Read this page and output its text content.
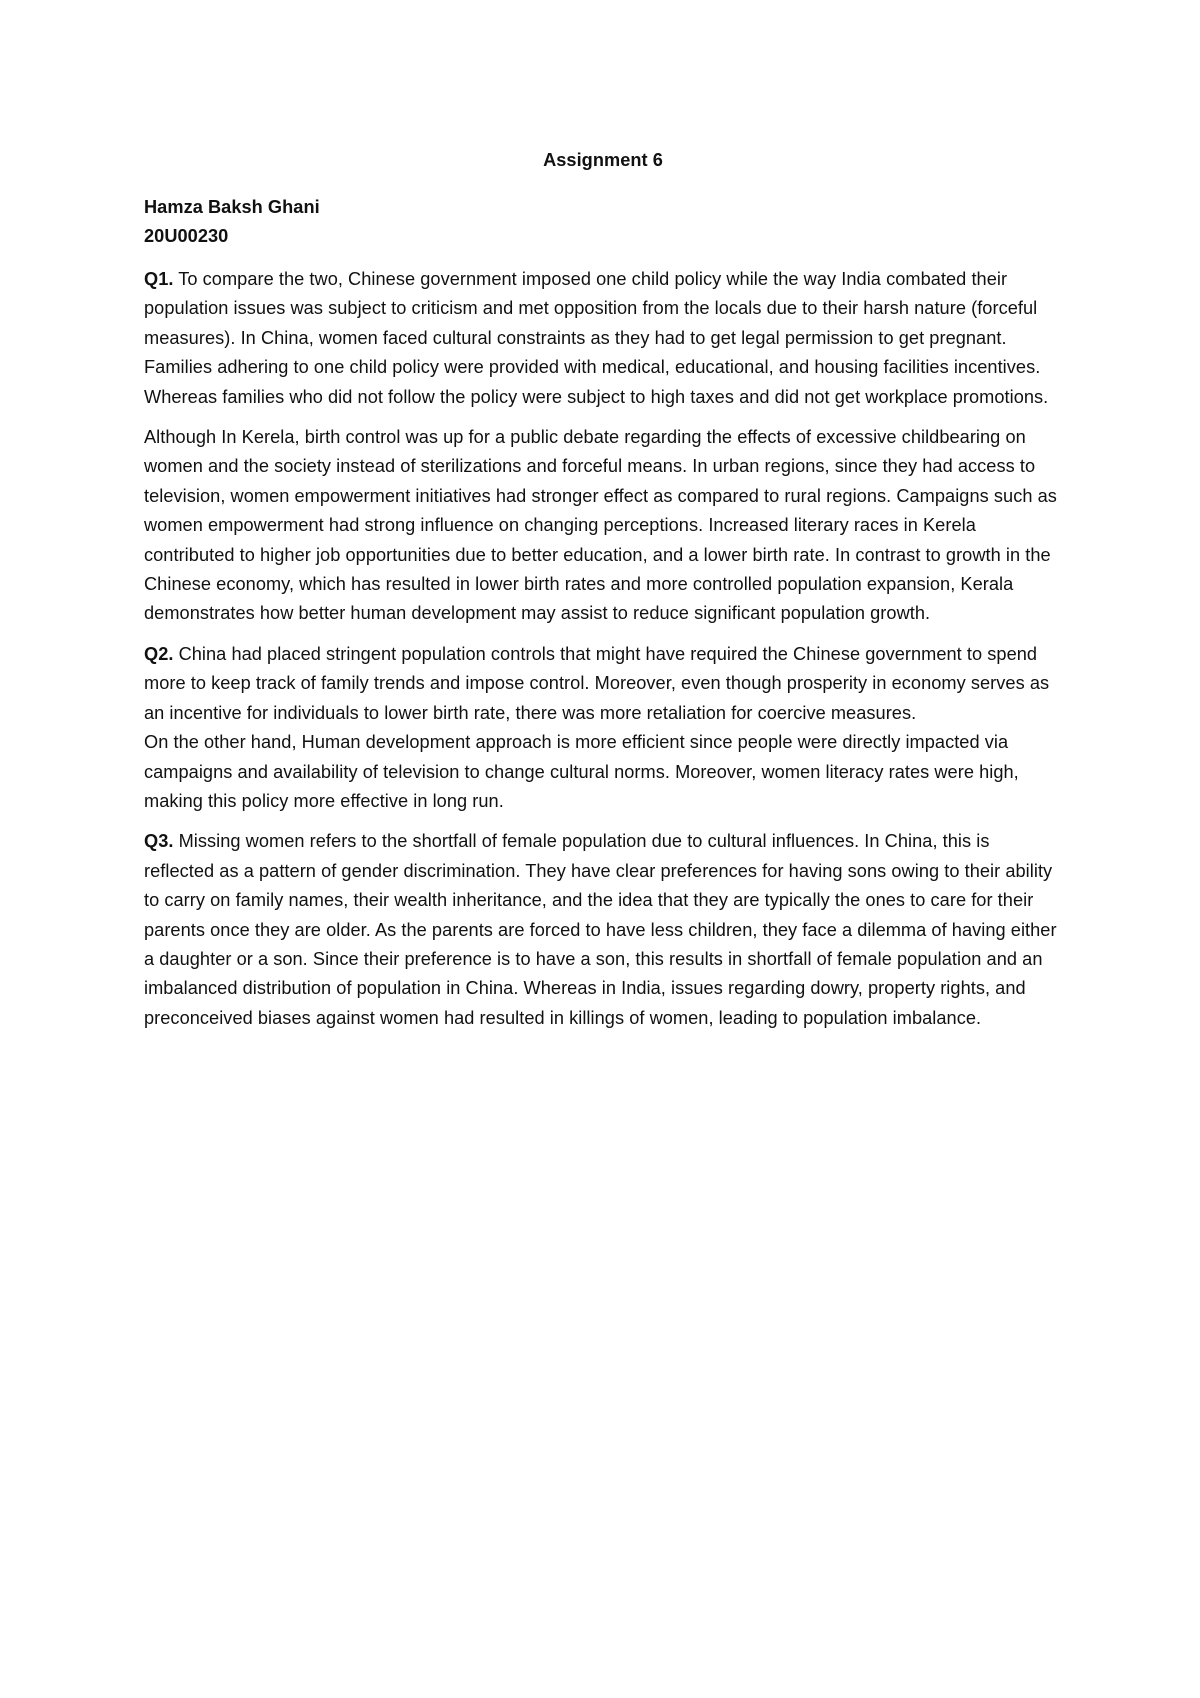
Assignment 6

Hamza Baksh Ghani

20U00230

Q1. To compare the two, Chinese government imposed one child policy while the way India combated their population issues was subject to criticism and met opposition from the locals due to their harsh nature (forceful measures). In China, women faced cultural constraints as they had to get legal permission to get pregnant. Families adhering to one child policy were provided with medical, educational, and housing facilities incentives. Whereas families who did not follow the policy were subject to high taxes and did not get workplace promotions.

Although In Kerela, birth control was up for a public debate regarding the effects of excessive childbearing on women and the society instead of sterilizations and forceful means. In urban regions, since they had access to television, women empowerment initiatives had stronger effect as compared to rural regions. Campaigns such as women empowerment had strong influence on changing perceptions. Increased literary races in Kerela contributed to higher job opportunities due to better education, and a lower birth rate. In contrast to growth in the Chinese economy, which has resulted in lower birth rates and more controlled population expansion, Kerala demonstrates how better human development may assist to reduce significant population growth.

Q2. China had placed stringent population controls that might have required the Chinese government to spend more to keep track of family trends and impose control. Moreover, even though prosperity in economy serves as an incentive for individuals to lower birth rate, there was more retaliation for coercive measures.

On the other hand, Human development approach is more efficient since people were directly impacted via campaigns and availability of television to change cultural norms. Moreover, women literacy rates were high, making this policy more effective in long run.

Q3. Missing women refers to the shortfall of female population due to cultural influences. In China, this is reflected as a pattern of gender discrimination. They have clear preferences for having sons owing to their ability to carry on family names, their wealth inheritance, and the idea that they are typically the ones to care for their parents once they are older. As the parents are forced to have less children, they face a dilemma of having either a daughter or a son. Since their preference is to have a son, this results in shortfall of female population and an imbalanced distribution of population in China. Whereas in India, issues regarding dowry, property rights, and preconceived biases against women had resulted in killings of women, leading to population imbalance.
